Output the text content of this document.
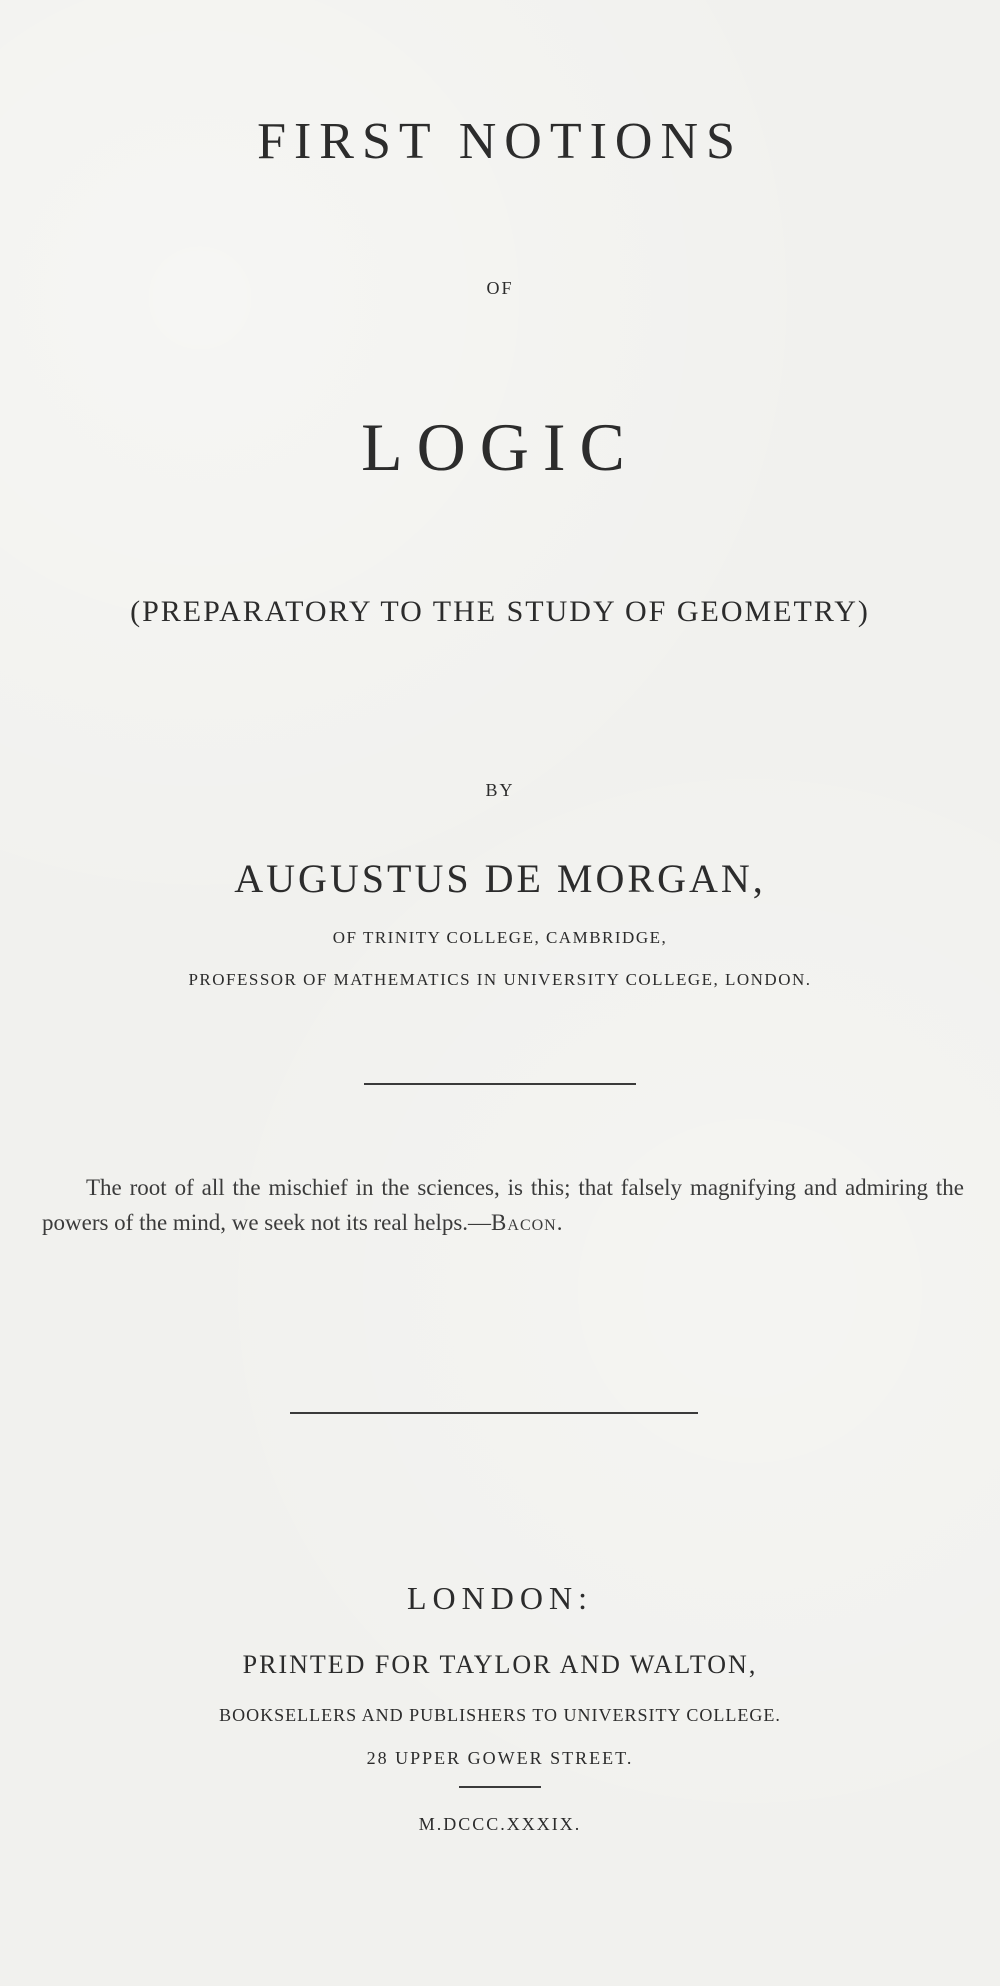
FIRST NOTIONS
OF
LOGIC
(PREPARATORY TO THE STUDY OF GEOMETRY)
BY
AUGUSTUS DE MORGAN,
OF TRINITY COLLEGE, CAMBRIDGE,
PROFESSOR OF MATHEMATICS IN UNIVERSITY COLLEGE, LONDON.
The root of all the mischief in the sciences, is this; that falsely magnifying and admiring the powers of the mind, we seek not its real helps.—Bacon.
LONDON:
PRINTED FOR TAYLOR AND WALTON,
BOOKSELLERS AND PUBLISHERS TO UNIVERSITY COLLEGE.
28 UPPER GOWER STREET.
M.DCCC.XXXIX.
